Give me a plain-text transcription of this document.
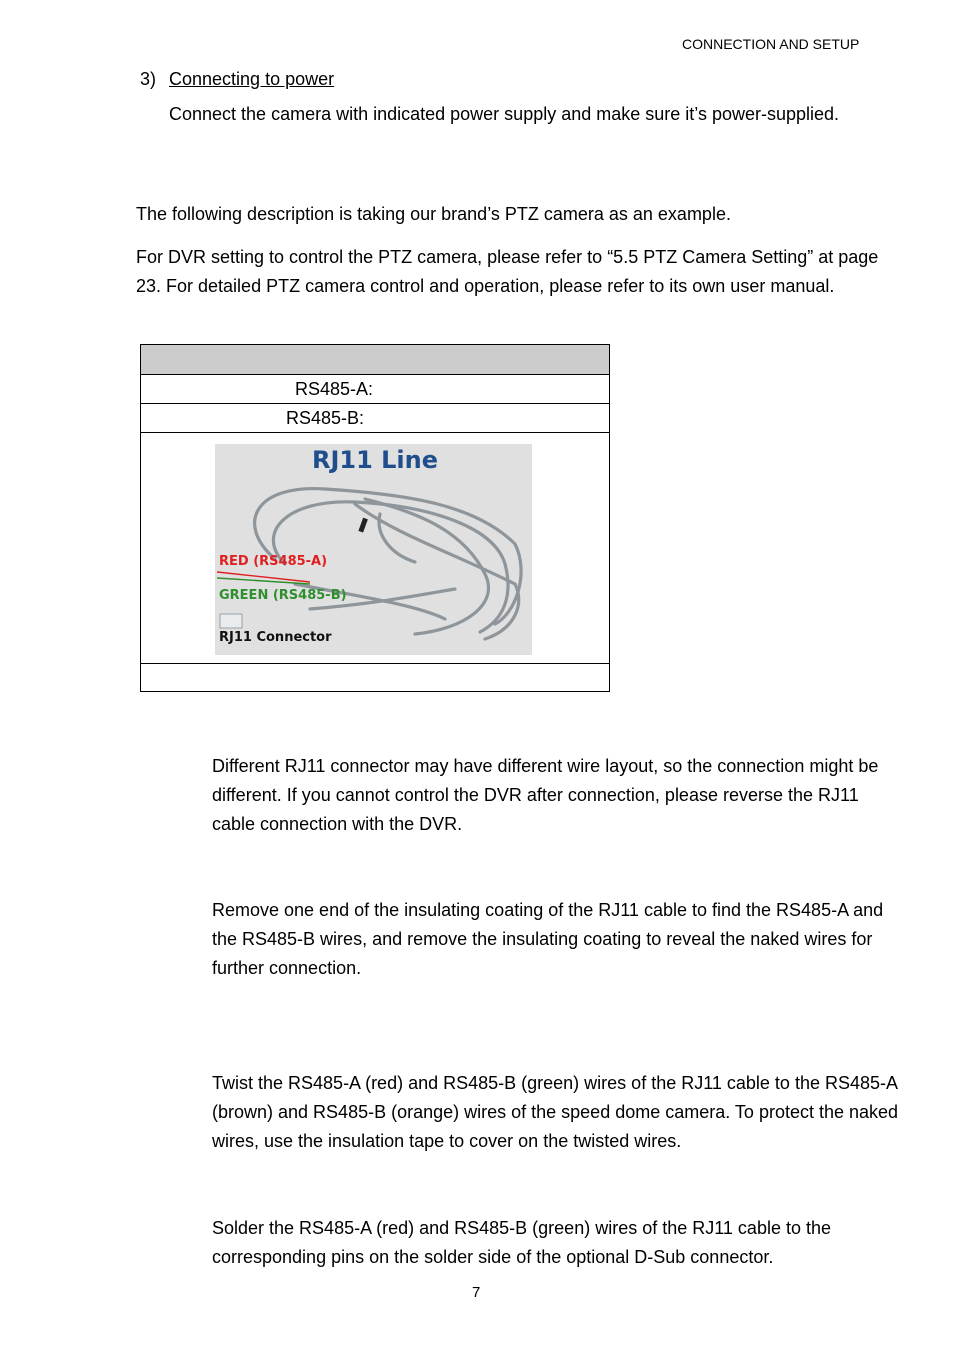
CONNECTION AND SETUP
3) Connecting to power
Connect the camera with indicated power supply and make sure it’s power-supplied.
The following description is taking our brand’s PTZ camera as an example.
For DVR setting to control the PTZ camera, please refer to “5.5 PTZ Camera Setting” at page 23. For detailed PTZ camera control and operation, please refer to its own user manual.

RS485-A:
RS485-B:

RJ11 Line
RED (RS485-A)
GREEN (RS485-B)
RJ11 Connector
Different RJ11 connector may have different wire layout, so the connection might be different. If you cannot control the DVR after connection, please reverse the RJ11 cable connection with the DVR.
Remove one end of the insulating coating of the RJ11 cable to find the RS485-A and the RS485-B wires, and remove the insulating coating to reveal the naked wires for further connection.
Twist the RS485-A (red) and RS485-B (green) wires of the RJ11 cable to the RS485-A (brown) and RS485-B (orange) wires of the speed dome camera. To protect the naked wires, use the insulation tape to cover on the twisted wires.
Solder the RS485-A (red) and RS485-B (green) wires of the RJ11 cable to the corresponding pins on the solder side of the optional D-Sub connector.
7
